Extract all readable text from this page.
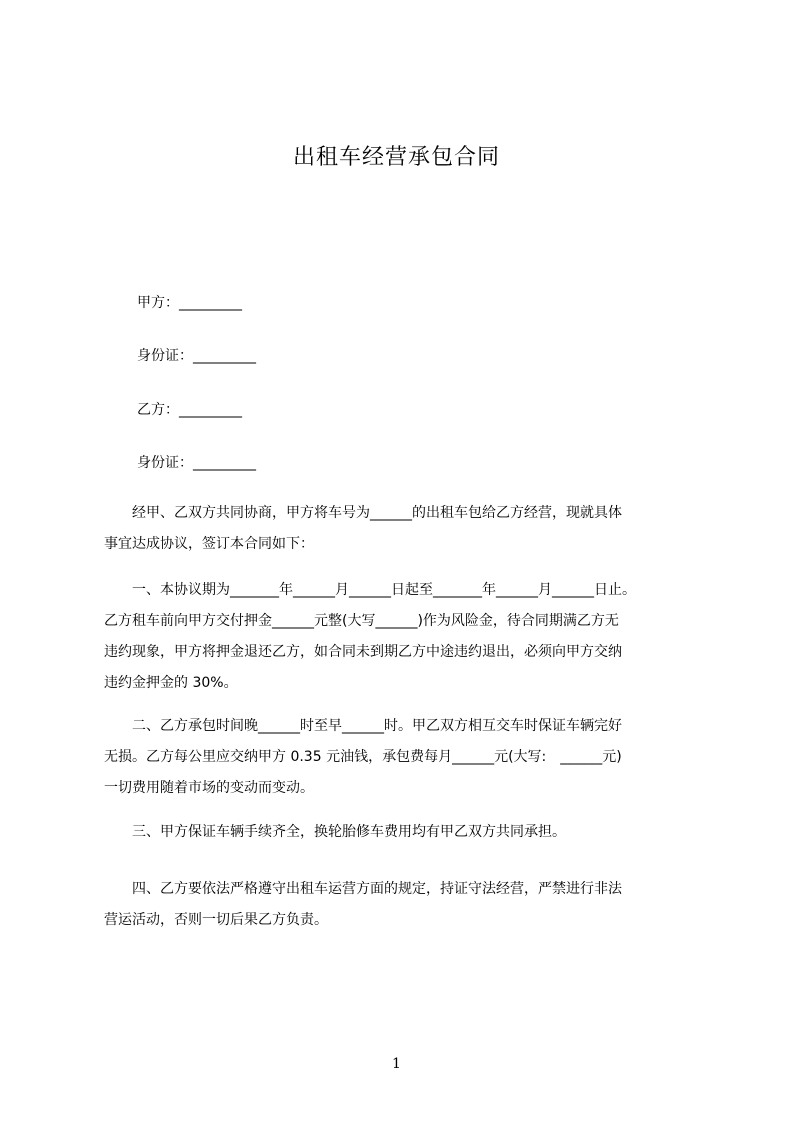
出租车经营承包合同
甲方：_________
身份证：_________
乙方：_________
身份证：_________
　　经甲、乙双方共同协商，甲方将车号为______的出租车包给乙方经营，现就具体
事宜达成协议，签订本合同如下：
　　一、本协议期为_______年______月______日起至_______年______月______日止。
乙方租车前向甲方交付押金______元整(大写______)作为风险金，待合同期满乙方无
违约现象，甲方将押金退还乙方，如合同未到期乙方中途违约退出，必须向甲方交纳
违约金押金的 30%。
　　二、乙方承包时间晚______时至早______时。甲乙双方相互交车时保证车辆完好
无损。乙方每公里应交纳甲方 0.35 元油钱，承包费每月______元(大写:　______元)
一切费用随着市场的变动而变动。
　　三、甲方保证车辆手续齐全，换轮胎修车费用均有甲乙双方共同承担。
　　四、乙方要依法严格遵守出租车运营方面的规定，持证守法经营，严禁进行非法
营运活动，否则一切后果乙方负责。
1
